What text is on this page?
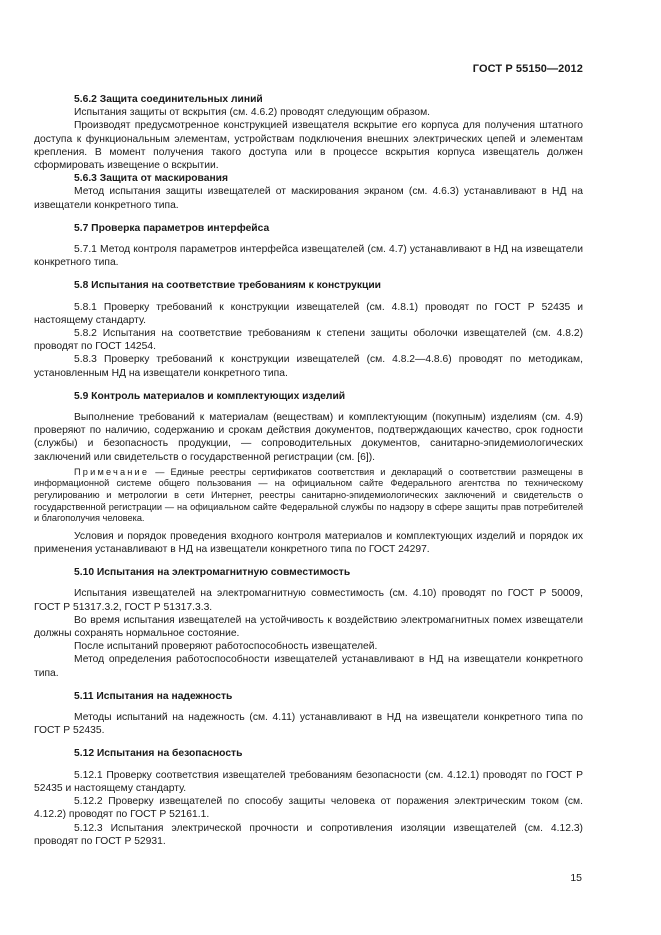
ГОСТ Р 55150—2012

5.6.2 Защита соединительных линий

Испытания защиты от вскрытия (см. 4.6.2) проводят следующим образом.

Производят предусмотренное конструкцией извещателя вскрытие его корпуса для получения штатного доступа к функциональным элементам, устройствам подключения внешних электрических цепей и элементам крепления. В момент получения такого доступа или в процессе вскрытия корпуса извещатель должен сформировать извещение о вскрытии.

5.6.3 Защита от маскирования

Метод испытания защиты извещателей от маскирования экраном (см. 4.6.3) устанавливают в НД на извещатели конкретного типа.

5.7 Проверка параметров интерфейса

5.7.1 Метод контроля параметров интерфейса извещателей (см. 4.7) устанавливают в НД на извещатели конкретного типа.

5.8 Испытания на соответствие требованиям к конструкции

5.8.1 Проверку требований к конструкции извещателей (см. 4.8.1) проводят по ГОСТ Р 52435 и настоящему стандарту.

5.8.2 Испытания на соответствие требованиям к степени защиты оболочки извещателей (см. 4.8.2) проводят по ГОСТ 14254.

5.8.3 Проверку требований к конструкции извещателей (см. 4.8.2—4.8.6) проводят по методикам, установленным НД на извещатели конкретного типа.

5.9 Контроль материалов и комплектующих изделий

Выполнение требований к материалам (веществам) и комплектующим (покупным) изделиям (см. 4.9) проверяют по наличию, содержанию и срокам действия документов, подтверждающих качество, срок годности (службы) и безопасность продукции, — сопроводительных документов, санитарно-эпидемиологических заключений или свидетельств о государственной регистрации (см. [6]).

Примечание — Единые реестры сертификатов соответствия и деклараций о соответствии размещены в информационной системе общего пользования — на официальном сайте Федерального агентства по техническому регулированию и метрологии в сети Интернет, реестры санитарно-эпидемиологических заключений и свидетельств о государственной регистрации — на официальном сайте Федеральной службы по надзору в сфере защиты прав потребителей и благополучия человека.

Условия и порядок проведения входного контроля материалов и комплектующих изделий и порядок их применения устанавливают в НД на извещатели конкретного типа по ГОСТ 24297.

5.10 Испытания на электромагнитную совместимость

Испытания извещателей на электромагнитную совместимость (см. 4.10) проводят по ГОСТ Р 50009, ГОСТ Р 51317.3.2, ГОСТ Р 51317.3.3.

Во время испытания извещателей на устойчивость к воздействию электромагнитных помех извещатели должны сохранять нормальное состояние.

После испытаний проверяют работоспособность извещателей.

Метод определения работоспособности извещателей устанавливают в НД на извещатели конкретного типа.

5.11 Испытания на надежность

Методы испытаний на надежность (см. 4.11) устанавливают в НД на извещатели конкретного типа по ГОСТ Р 52435.

5.12 Испытания на безопасность

5.12.1 Проверку соответствия извещателей требованиям безопасности (см. 4.12.1) проводят по ГОСТ Р 52435 и настоящему стандарту.

5.12.2 Проверку извещателей по способу защиты человека от поражения электрическим током (см. 4.12.2) проводят по ГОСТ Р 52161.1.

5.12.3 Испытания электрической прочности и сопротивления изоляции извещателей (см. 4.12.3) проводят по ГОСТ Р 52931.

15
